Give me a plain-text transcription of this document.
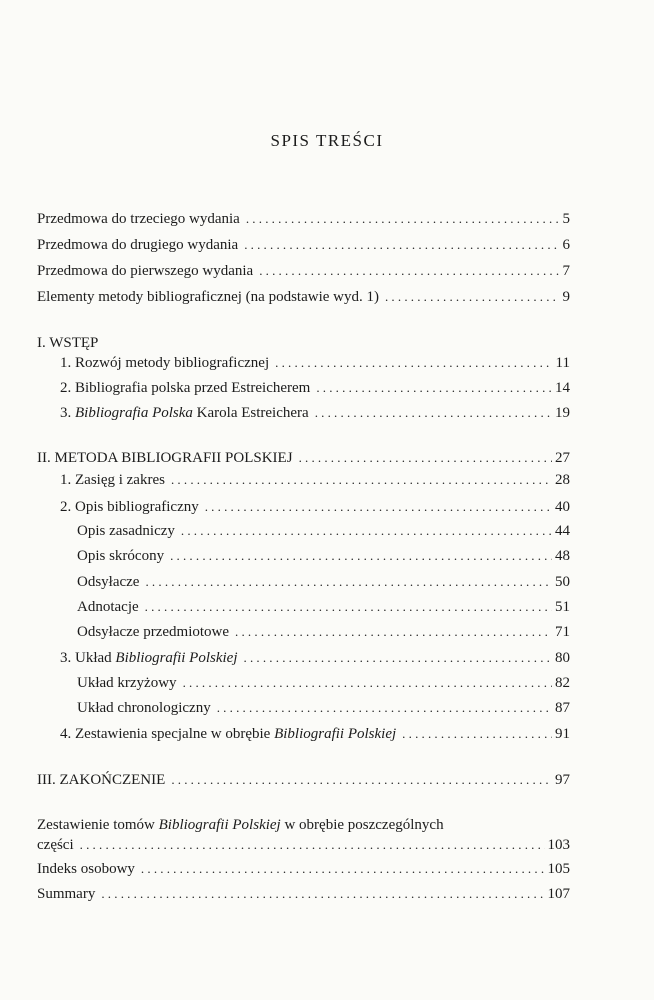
SPIS TREŚCI
Przedmowa do trzeciego wydania .....	5
Przedmowa do drugiego wydania .....	6
Przedmowa do pierwszego wydania .....	7
Elementy metody bibliograficznej (na podstawie wyd. 1) .....	9
I. WSTĘP
1. Rozwój metody bibliograficznej .....	11
2. Bibliografia polska przed Estreicherem .....	14
3. Bibliografia Polska Karola Estreichera .....	19
II. METODA BIBLIOGRAFII POLSKIEJ .....	27
1. Zasięg i zakres .....	28
2. Opis bibliograficzny .....	40
Opis zasadniczy .....	44
Opis skrócony .....	48
Odsyłacze .....	50
Adnotacje .....	51
Odsyłacze przedmiotowe .....	71
3. Układ Bibliografii Polskiej .....	80
Układ krzyżowy .....	82
Układ chronologiczny .....	87
4. Zestawienia specjalne w obrębie Bibliografii Polskiej .....	91
III. ZAKOŃCZENIE .....	97
Zestawienie tomów Bibliografii Polskiej w obrębie poszczególnych
części .....	103
Indeks osobowy .....	105
Summary .....	107
